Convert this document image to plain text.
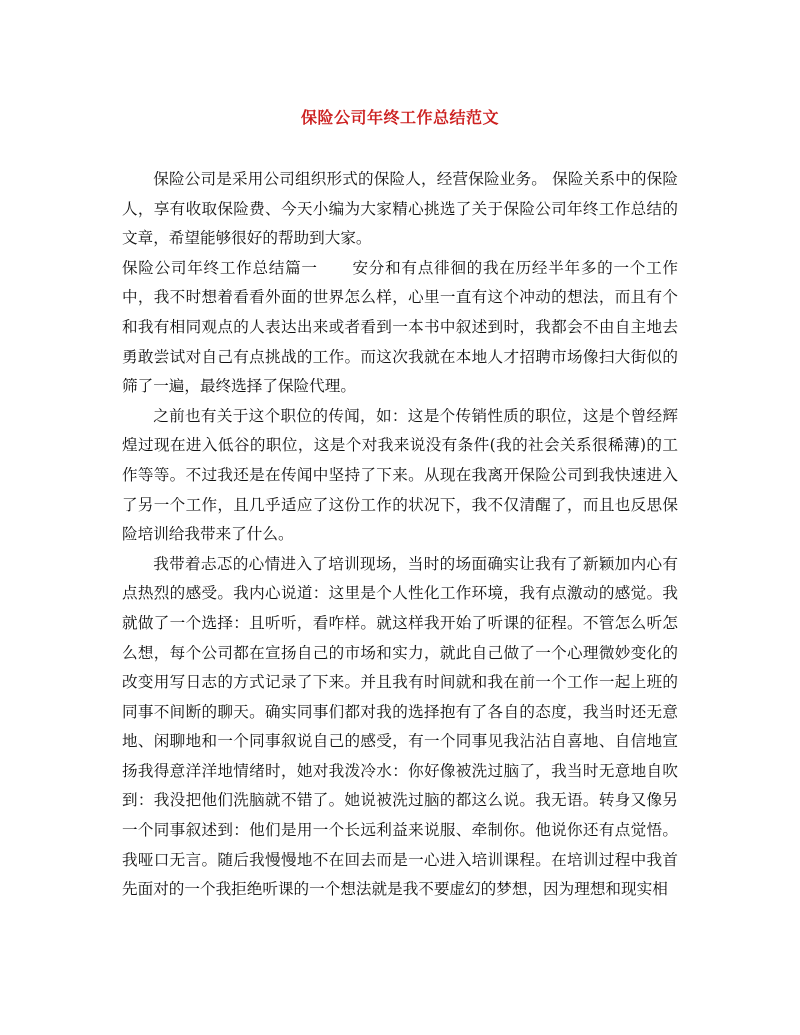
保险公司年终工作总结范文

保险公司是采用公司组织形式的保险人，经营保险业务。 保险关系中的保险人，享有收取保险费、今天小编为大家精心挑选了关于保险公司年终工作总结的文章，希望能够很好的帮助到大家。

保险公司年终工作总结篇一 安分和有点徘徊的我在历经半年多的一个工作中，我不时想着看看外面的世界怎么样，心里一直有这个冲动的想法，而且有个和我有相同观点的人表达出来或者看到一本书中叙述到时，我都会不由自主地去勇敢尝试对自己有点挑战的工作。而这次我就在本地人才招聘市场像扫大街似的筛了一遍，最终选择了保险代理。

之前也有关于这个职位的传闻，如：这是个传销性质的职位，这是个曾经辉煌过现在进入低谷的职位，这是个对我来说没有条件(我的社会关系很稀薄)的工作等等。不过我还是在传闻中坚持了下来。从现在我离开保险公司到我快速进入了另一个工作，且几乎适应了这份工作的状况下，我不仅清醒了，而且也反思保险培训给我带来了什么。

我带着忐忑的心情进入了培训现场，当时的场面确实让我有了新颖加内心有点热烈的感受。我内心说道：这里是个人性化工作环境，我有点激动的感觉。我就做了一个选择：且听听，看咋样。就这样我开始了听课的征程。不管怎么听怎么想，每个公司都在宣扬自己的市场和实力，就此自己做了一个心理微妙变化的改变用写日志的方式记录了下来。并且我有时间就和我在前一个工作一起上班的同事不间断的聊天。确实同事们都对我的选择抱有了各自的态度，我当时还无意地、闲聊地和一个同事叙说自己的感受，有一个同事见我沾沾自喜地、自信地宣扬我得意洋洋地情绪时，她对我泼冷水：你好像被洗过脑了，我当时无意地自吹到：我没把他们洗脑就不错了。她说被洗过脑的都这么说。我无语。转身又像另一个同事叙述到：他们是用一个长远利益来说服、牵制你。他说你还有点觉悟。我哑口无言。随后我慢慢地不在回去而是一心进入培训课程。在培训过程中我首先面对的一个我拒绝听课的一个想法就是我不要虚幻的梦想，因为理想和现实相
